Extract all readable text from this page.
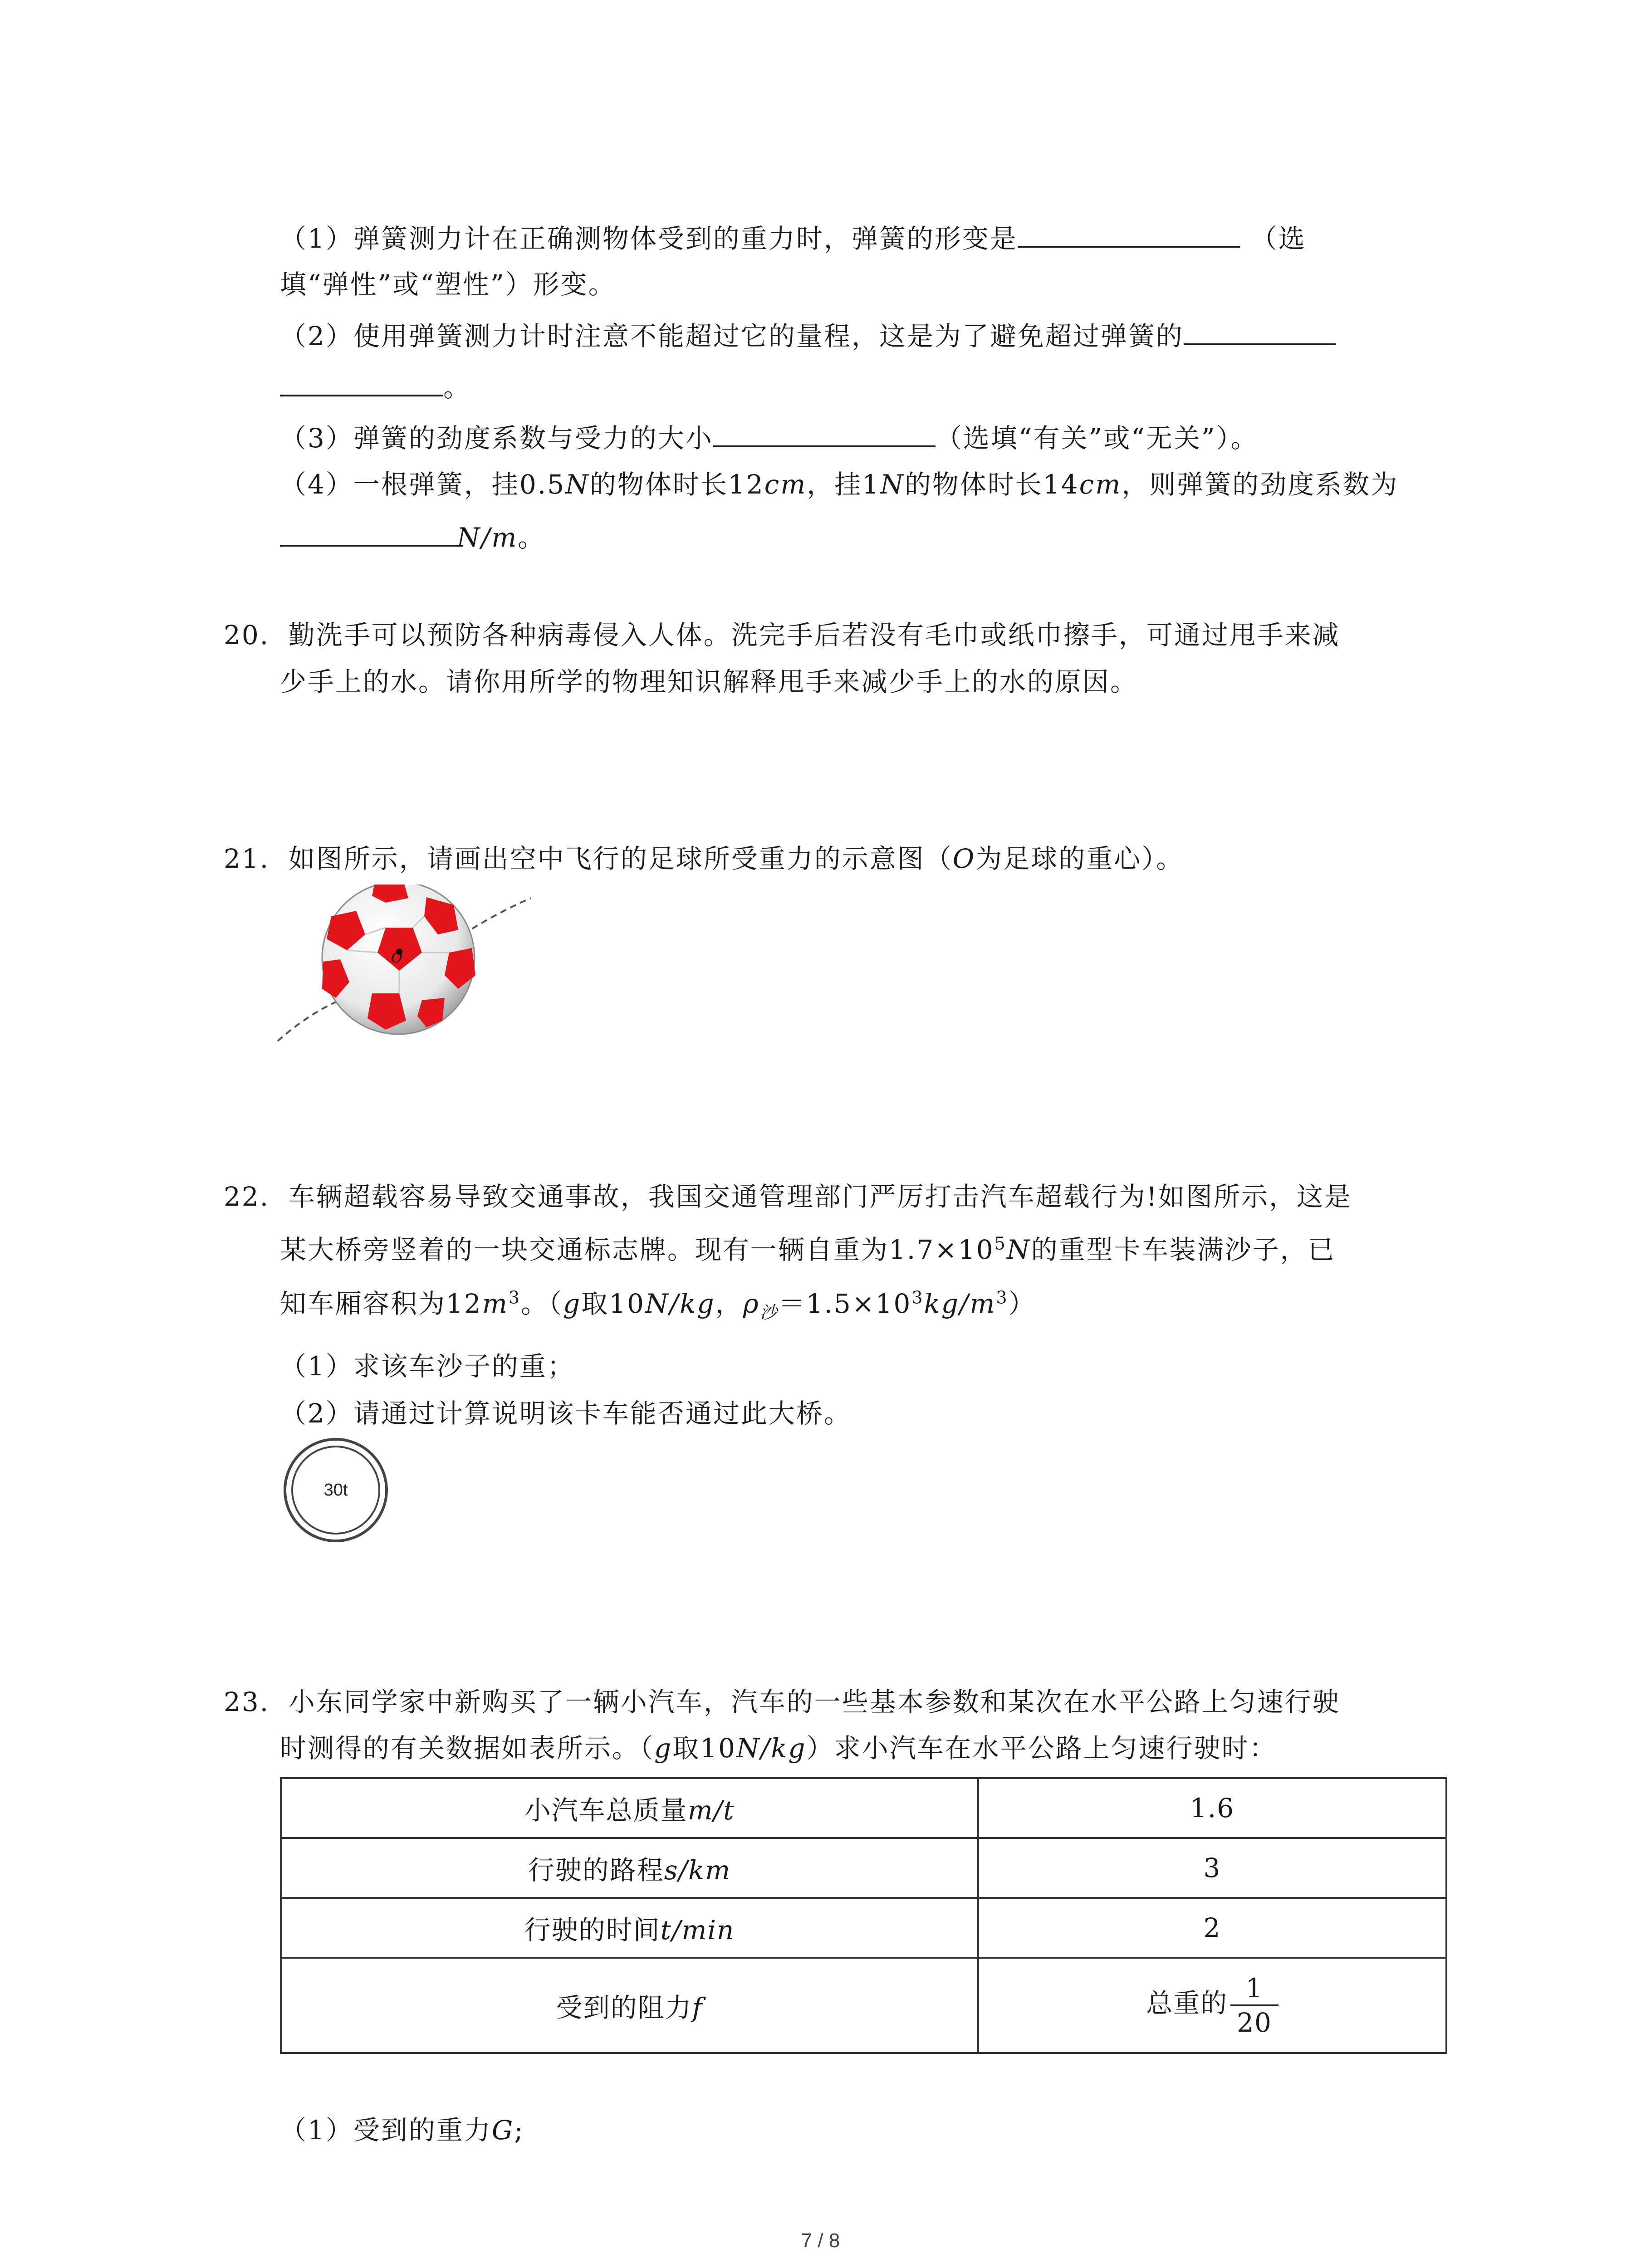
（1）弹簧测力计在正确测物体受到的重力时，弹簧的形变是	（选
填“弹性”或“塑性”）形变。
（2）使用弹簧测力计时注意不能超过它的量程，这是为了避免超过弹簧的
。
（3）弹簧的劲度系数与受力的大小	（选填“有关”或“无关”）。
（4）一根弹簧，挂0.5N的物体时长12cm，挂1N的物体时长14cm，则弹簧的劲度系数为
N/m。
20. 勤洗手可以预防各种病毒侵入人体。洗完手后若没有毛巾或纸巾擦手，可通过甩手来减
少手上的水。请你用所学的物理知识解释甩手来减少手上的水的原因。
21. 如图所示，请画出空中飞行的足球所受重力的示意图（O为足球的重心）。
O
22. 车辆超载容易导致交通事故，我国交通管理部门严厉打击汽车超载行为!如图所示，这是
某大桥旁竖着的一块交通标志牌。现有一辆自重为$1.7\times 10^5N$的重型卡车装满沙子，已
知车厢容积为$12m^3$。（g取10N/kg，$\rho_沙=1.5\times 10^3kg/m^3$）
（1）求该车沙子的重；
（2）请通过计算说明该卡车能否通过此大桥。
30t
23. 小东同学家中新购买了一辆小汽车，汽车的一些基本参数和某次在水平公路上匀速行驶
时测得的有关数据如表所示。（g取10N/kg）求小汽车在水平公路上匀速行驶时：
小汽车总质量m/t	1.6
行驶的路程s/km	3
行驶的时间t/min	2
受到的阻力f	总重的 $\frac{1}{20}$
（1）受到的重力G;
7 / 8
